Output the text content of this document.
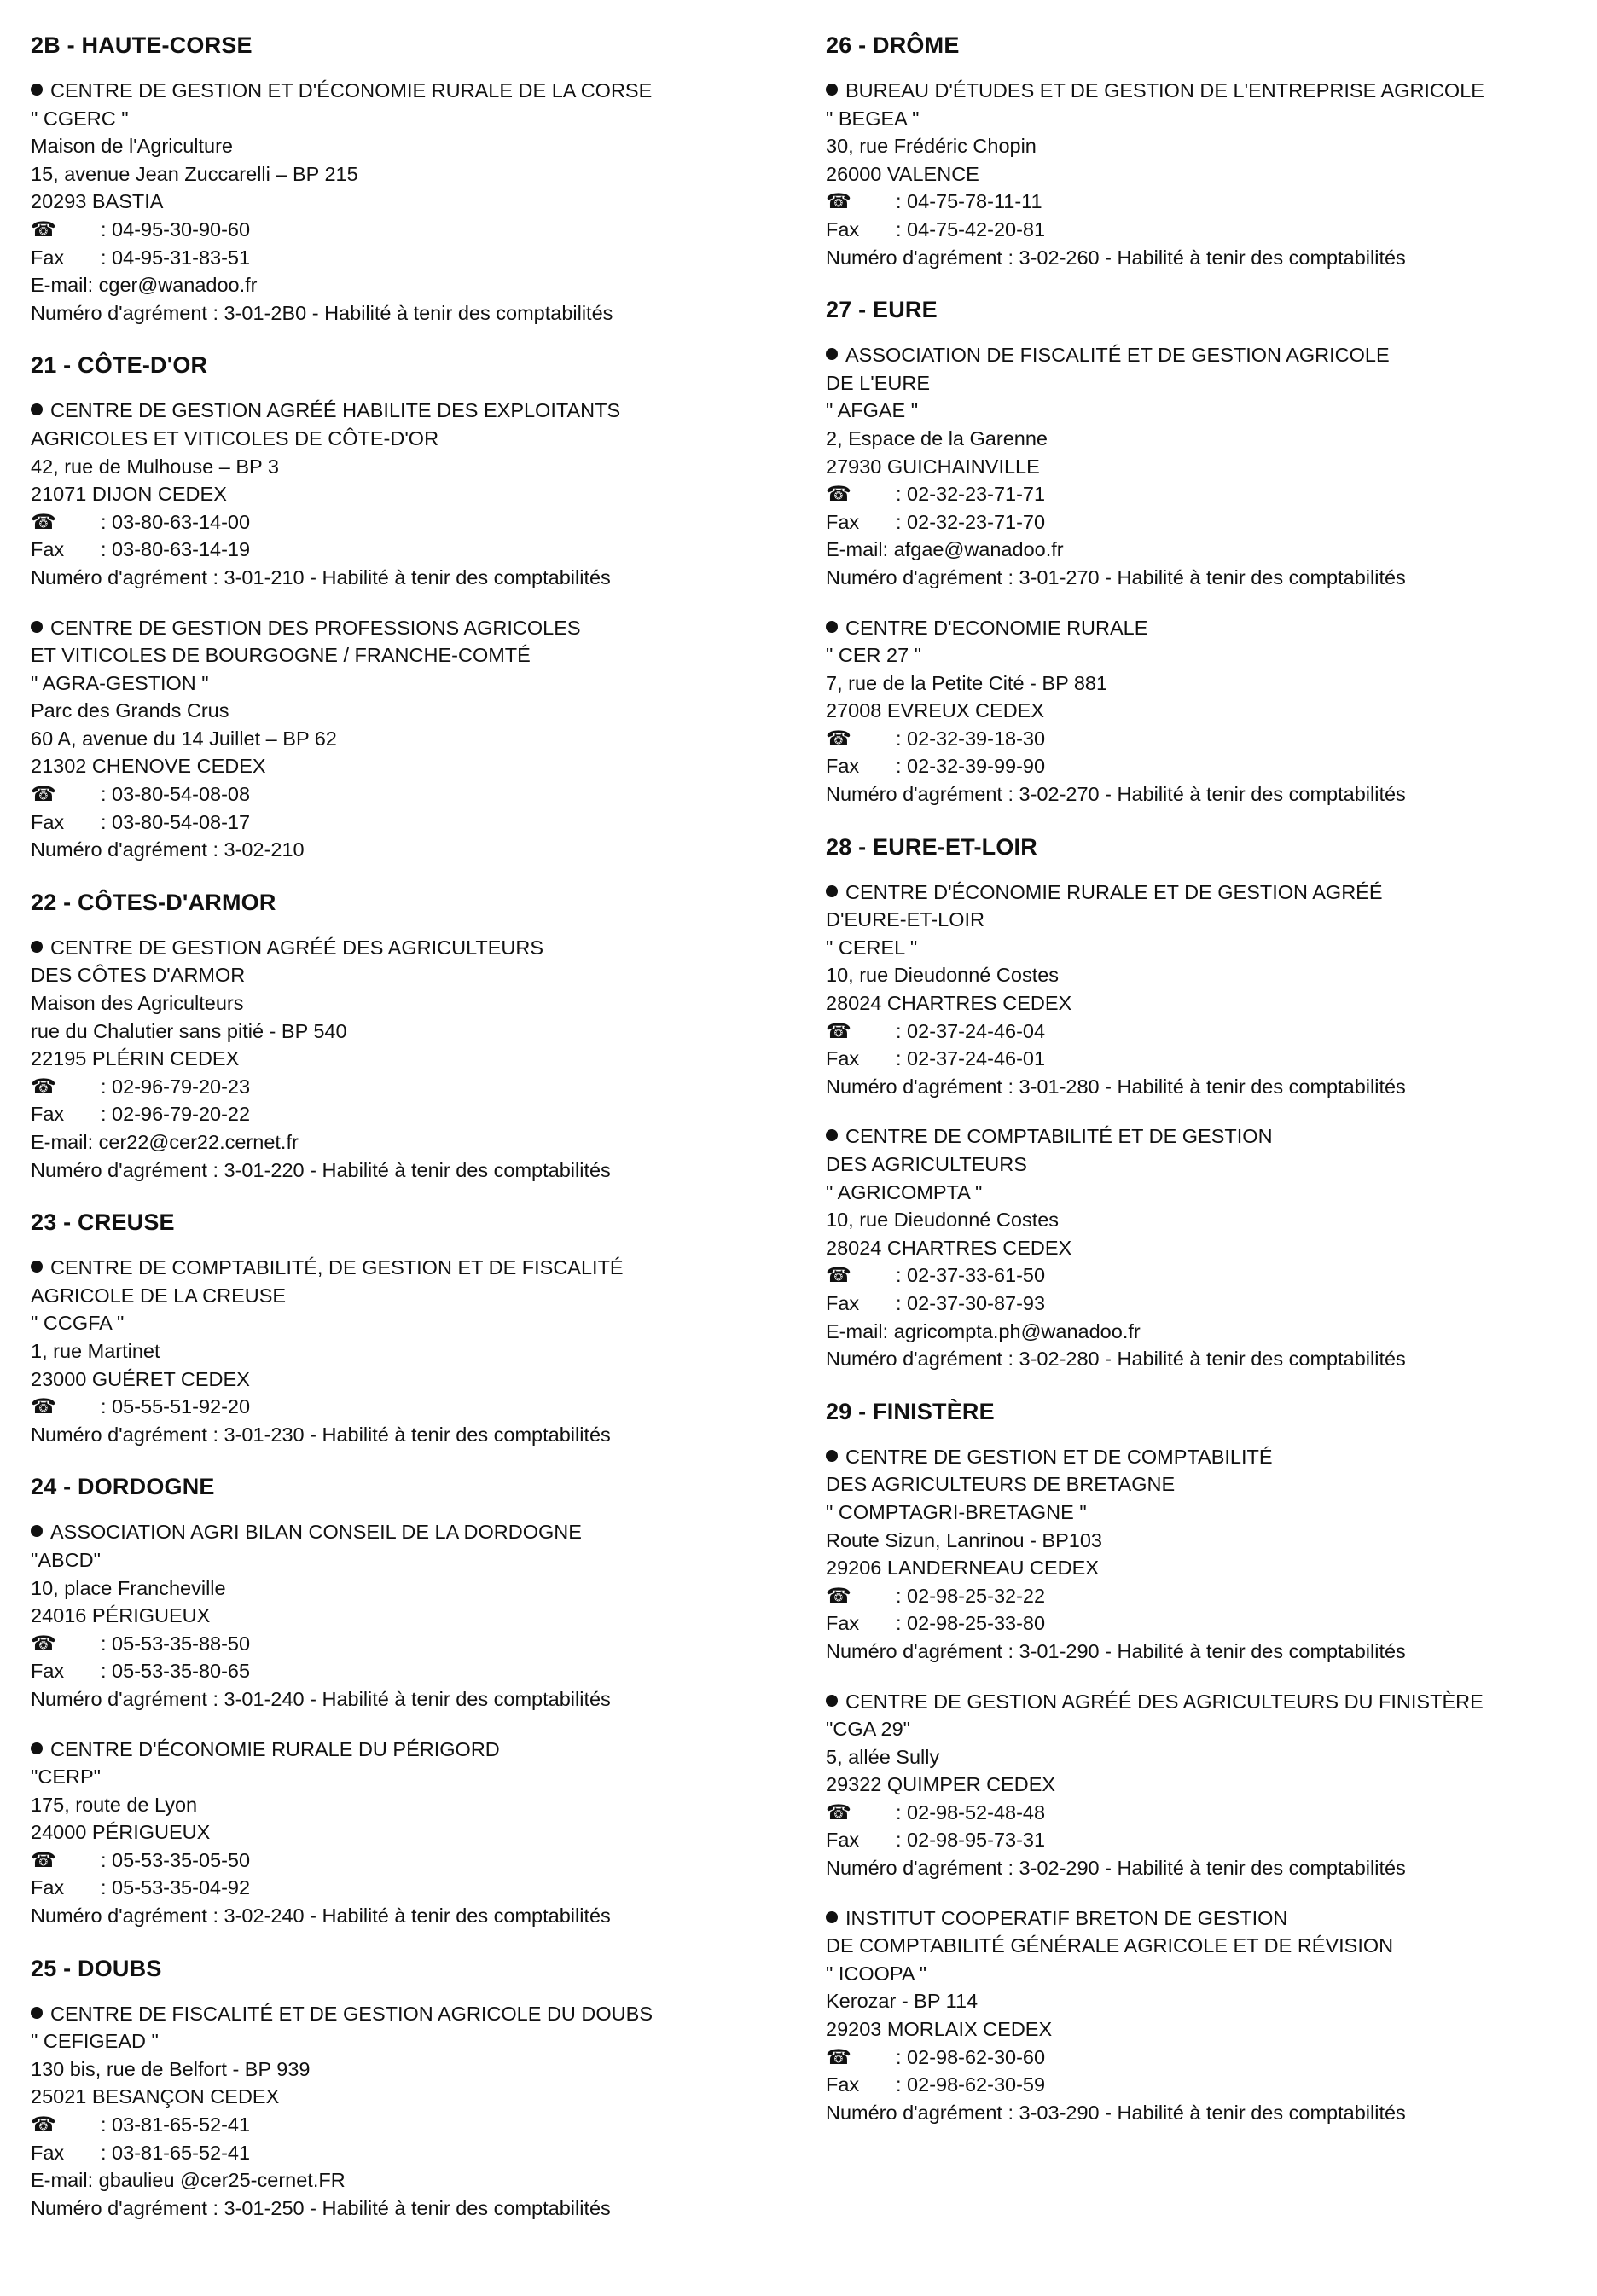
2B - HAUTE-CORSE
CENTRE DE GESTION ET D'ÉCONOMIE RURALE DE LA CORSE
" CGERC "
Maison de l'Agriculture
15, avenue Jean Zuccarelli – BP 215
20293 BASTIA
☎ : 04-95-30-90-60
Fax : 04-95-31-83-51
E-mail: cger@wanadoo.fr
Numéro d'agrément : 3-01-2B0 - Habilité à tenir des comptabilités
21 - CÔTE-D'OR
CENTRE DE GESTION AGRÉÉ HABILITE DES EXPLOITANTS
AGRICOLES ET VITICOLES DE CÔTE-D'OR
42, rue de Mulhouse – BP 3
21071 DIJON CEDEX
☎ : 03-80-63-14-00
Fax : 03-80-63-14-19
Numéro d'agrément : 3-01-210 - Habilité à tenir des comptabilités
CENTRE DE GESTION DES PROFESSIONS AGRICOLES
ET VITICOLES DE BOURGOGNE / FRANCHE-COMTÉ
" AGRA-GESTION "
Parc des Grands Crus
60 A, avenue du 14 Juillet – BP 62
21302 CHENOVE CEDEX
☎ : 03-80-54-08-08
Fax : 03-80-54-08-17
Numéro d'agrément : 3-02-210
22 - CÔTES-D'ARMOR
CENTRE DE GESTION AGRÉÉ DES AGRICULTEURS
DES CÔTES D'ARMOR
Maison des Agriculteurs
rue du Chalutier sans pitié - BP 540
22195 PLÉRIN CEDEX
☎ : 02-96-79-20-23
Fax : 02-96-79-20-22
E-mail: cer22@cer22.cernet.fr
Numéro d'agrément : 3-01-220 - Habilité à tenir des comptabilités
23 - CREUSE
CENTRE DE COMPTABILITÉ, DE GESTION ET DE FISCALITÉ
AGRICOLE DE LA CREUSE
" CCGFA "
1, rue Martinet
23000 GUÉRET CEDEX
☎ : 05-55-51-92-20
Numéro d'agrément : 3-01-230 - Habilité à tenir des comptabilités
24 - DORDOGNE
ASSOCIATION AGRI BILAN CONSEIL DE LA DORDOGNE
"ABCD"
10, place Francheville
24016 PÉRIGUEUX
☎ : 05-53-35-88-50
Fax : 05-53-35-80-65
Numéro d'agrément : 3-01-240 - Habilité à tenir des comptabilités
CENTRE D'ÉCONOMIE RURALE DU PÉRIGORD
"CERP"
175, route de Lyon
24000 PÉRIGUEUX
☎ : 05-53-35-05-50
Fax : 05-53-35-04-92
Numéro d'agrément : 3-02-240 - Habilité à tenir des comptabilités
25 - DOUBS
CENTRE DE FISCALITÉ ET DE GESTION AGRICOLE DU DOUBS
" CEFIGEAD "
130 bis, rue de Belfort - BP 939
25021 BESANÇON CEDEX
☎ : 03-81-65-52-41
Fax : 03-81-65-52-41
E-mail: gbaulieu @cer25-cernet.FR
Numéro d'agrément : 3-01-250 - Habilité à tenir des comptabilités
26 - DRÔME
BUREAU D'ÉTUDES ET DE GESTION DE L'ENTREPRISE AGRICOLE
" BEGEA "
30, rue Frédéric Chopin
26000 VALENCE
☎ : 04-75-78-11-11
Fax : 04-75-42-20-81
Numéro d'agrément : 3-02-260 - Habilité à tenir des comptabilités
27 - EURE
ASSOCIATION DE FISCALITÉ ET DE GESTION AGRICOLE
DE L'EURE
" AFGAE "
2, Espace de la Garenne
27930 GUICHAINVILLE
☎ : 02-32-23-71-71
Fax : 02-32-23-71-70
E-mail: afgae@wanadoo.fr
Numéro d'agrément : 3-01-270 - Habilité à tenir des comptabilités
CENTRE D'ECONOMIE RURALE
" CER 27 "
7, rue de la Petite Cité - BP 881
27008 EVREUX CEDEX
☎ : 02-32-39-18-30
Fax : 02-32-39-99-90
Numéro d'agrément : 3-02-270 - Habilité à tenir des comptabilités
28 - EURE-ET-LOIR
CENTRE D'ÉCONOMIE RURALE ET DE GESTION AGRÉÉ
D'EURE-ET-LOIR
" CEREL "
10, rue Dieudonné Costes
28024 CHARTRES CEDEX
☎ : 02-37-24-46-04
Fax : 02-37-24-46-01
Numéro d'agrément : 3-01-280 - Habilité à tenir des comptabilités
CENTRE DE COMPTABILITÉ ET DE GESTION
DES AGRICULTEURS
" AGRICOMPTA "
10, rue Dieudonné Costes
28024 CHARTRES CEDEX
☎ : 02-37-33-61-50
Fax : 02-37-30-87-93
E-mail: agricompta.ph@wanadoo.fr
Numéro d'agrément : 3-02-280 - Habilité à tenir des comptabilités
29 - FINISTÈRE
CENTRE DE GESTION ET DE COMPTABILITÉ
DES AGRICULTEURS DE BRETAGNE
" COMPTAGRI-BRETAGNE "
Route Sizun, Lanrinou - BP103
29206 LANDERNEAU CEDEX
☎ : 02-98-25-32-22
Fax : 02-98-25-33-80
Numéro d'agrément : 3-01-290 - Habilité à tenir des comptabilités
CENTRE DE GESTION AGRÉÉ DES AGRICULTEURS DU FINISTÈRE
"CGA 29"
5, allée Sully
29322 QUIMPER CEDEX
☎ : 02-98-52-48-48
Fax : 02-98-95-73-31
Numéro d'agrément : 3-02-290 - Habilité à tenir des comptabilités
INSTITUT COOPERATIF BRETON DE GESTION
DE COMPTABILITÉ GÉNÉRALE AGRICOLE ET DE RÉVISION
" ICOOPA "
Kerozar - BP 114
29203 MORLAIX CEDEX
☎ : 02-98-62-30-60
Fax : 02-98-62-30-59
Numéro d'agrément : 3-03-290 - Habilité à tenir des comptabilités
